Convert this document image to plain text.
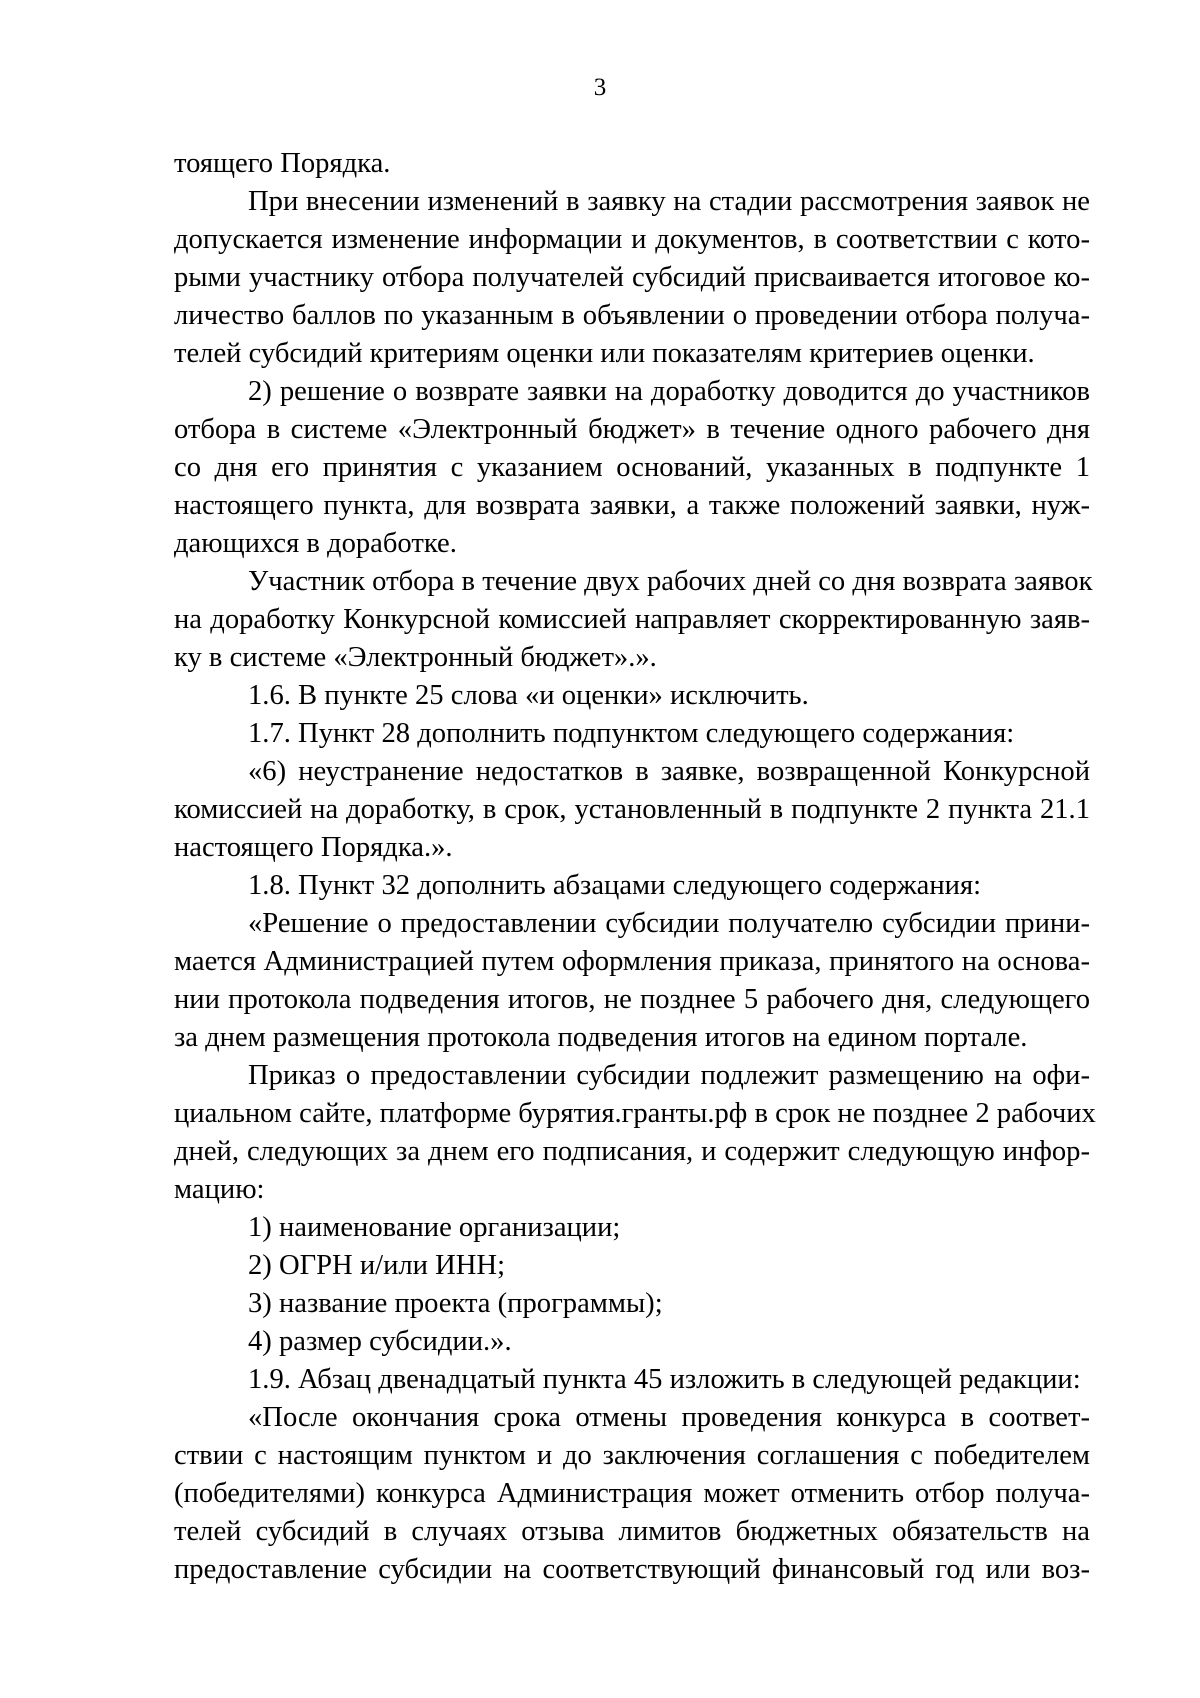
3
тоящего Порядка.
При внесении изменений в заявку на стадии рассмотрения заявок не
допускается изменение информации и документов, в соответствии с кото-
рыми участнику отбора получателей субсидий присваивается итоговое ко-
личество баллов по указанным в объявлении о проведении отбора получа-
телей субсидий критериям оценки или показателям критериев оценки.
2) решение о возврате заявки на доработку доводится до участников
отбора в системе «Электронный бюджет» в течение одного рабочего дня
со дня его принятия с указанием оснований, указанных в подпункте 1
настоящего пункта, для возврата заявки, а также положений заявки, нуж-
дающихся в доработке.
Участник отбора в течение двух рабочих дней со дня возврата заявок
на доработку Конкурсной комиссией направляет скорректированную заяв-
ку в системе «Электронный бюджет».».
1.6. В пункте 25 слова «и оценки» исключить.
1.7. Пункт 28 дополнить подпунктом следующего содержания:
«6) неустранение недостатков в заявке, возвращенной Конкурсной
комиссией на доработку, в срок, установленный в подпункте 2 пункта 21.1
настоящего Порядка.».
1.8. Пункт 32 дополнить абзацами следующего содержания:
«Решение о предоставлении субсидии получателю субсидии прини-
мается Администрацией путем оформления приказа, принятого на основа-
нии протокола подведения итогов, не позднее 5 рабочего дня, следующего
за днем размещения протокола подведения итогов на едином портале.
Приказ о предоставлении субсидии подлежит размещению на офи-
циальном сайте, платформе бурятия.гранты.рф в срок не позднее 2 рабочих
дней, следующих за днем его подписания, и содержит следующую инфор-
мацию:
1) наименование организации;
2) ОГРН и/или ИНН;
3) название проекта (программы);
4) размер субсидии.».
1.9. Абзац двенадцатый пункта 45 изложить в следующей редакции:
«После окончания срока отмены проведения конкурса в соответ-
ствии с настоящим пунктом и до заключения соглашения с победителем
(победителями) конкурса Администрация может отменить отбор получа-
телей субсидий в случаях отзыва лимитов бюджетных обязательств на
предоставление субсидии на соответствующий финансовый год или воз-
